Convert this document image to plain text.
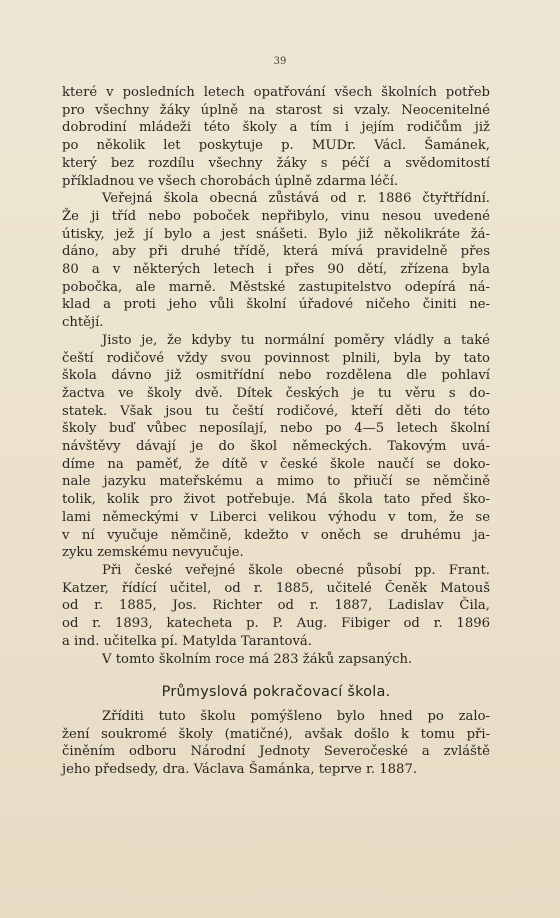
39

které v posledních letech opatřování všech školních potřeb
pro všechny žáky úplně na starost si vzaly. Neocenitelné
dobrodiní mládeži této školy a tím i jejím rodičům již
po několik let poskytuje p. MUDr. Václ. Šamánek,
který bez rozdílu všechny žáky s péčí a svědomitostí
příkladnou ve všech chorobách úplně zdarma léčí.

Veřejná škola obecná zůstává od r. 1886 čtyřtřídní.
Že ji tříd nebo poboček nepřibylo, vinu nesou uvedené
útisky, jež jí bylo a jest snášeti. Bylo již několikráte žá-
dáno, aby při druhé třídě, která mívá pravidelně přes
80 a v některých letech i přes 90 dětí, zřízena byla
pobočka, ale marně. Městské zastupitelstvo odepírá ná-
klad a proti jeho vůli školní úřadové ničeho činiti ne-
chtějí.

Jisto je, že kdyby tu normální poměry vládly a také
čeští rodičové vždy svou povinnost plnili, byla by tato
škola dávno již osmitřídní nebo rozdělena dle pohlaví
žactva ve školy dvě. Dítek českých je tu věru s do-
statek. Však jsou tu čeští rodičové, kteří děti do této
školy buď vůbec neposílají, nebo po 4—5 letech školní
návštěvy dávají je do škol německých. Takovým uvá-
díme na paměť, že dítě v české škole naučí se doko-
nale jazyku mateřskému a mimo to přiučí se němčině
tolik, kolik pro život potřebuje. Má škola tato před ško-
lami německými v Liberci velikou výhodu v tom, že se
v ní vyučuje němčině, kdežto v oněch se druhému ja-
zyku zemskému nevyučuje.

Při české veřejné škole obecné působí pp. Frant.
Katzer, řídící učitel, od r. 1885, učitelé Čeněk Matouš
od r. 1885, Jos. Richter od r. 1887, Ladislav Čila,
od r. 1893, katecheta p. P. Aug. Fibiger od r. 1896
a ind. učitelka pí. Matylda Tarantová.

V tomto školním roce má 283 žáků zapsaných.

Průmyslová pokračovací škola.

Zříditi tuto školu pomýšleno bylo hned po zalo-
žení soukromé školy (matičné), avšak došlo k tomu při-
činěním odboru Národní Jednoty Severočeské a zvláště
jeho předsedy, dra. Václava Šamánka, teprve r. 1887.
